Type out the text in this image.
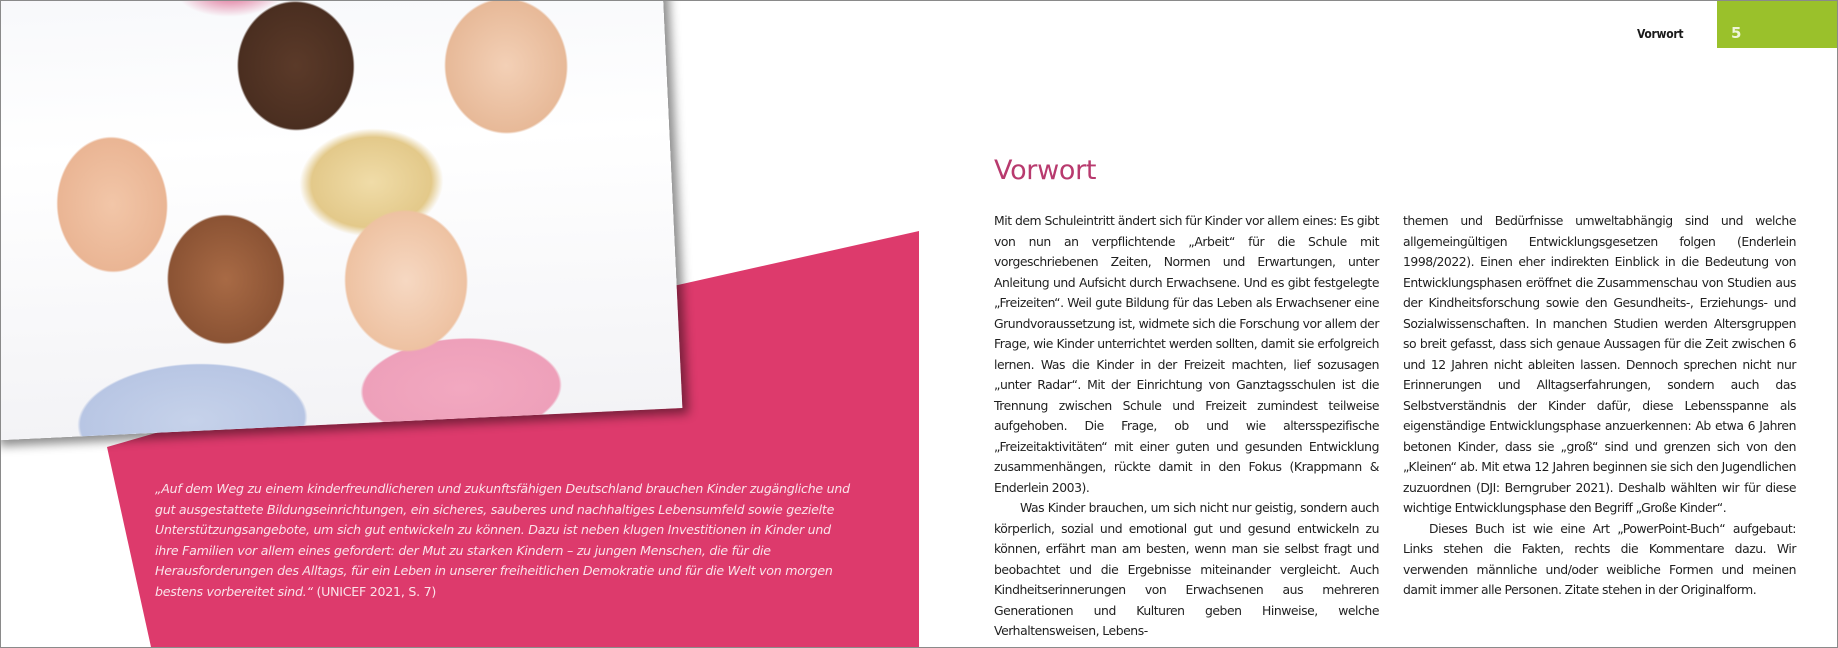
„Auf dem Weg zu einem kinderfreundlicheren und zukunftsfähigen Deutschland brauchen Kinder zugängliche und gut ausgestattete Bildungseinrichtungen, ein sicheres, sauberes und nachhaltiges Lebensumfeld sowie gezielte Unterstützungsangebote, um sich gut entwickeln zu können. Dazu ist neben klugen Investitionen in Kinder und ihre Familien vor allem eines gefordert: der Mut zu starken Kindern – zu jungen Menschen, die für die Herausforderungen des Alltags, für ein Leben in unserer freiheitlichen Demokratie und für die Welt von morgen bestens vorbereitet sind.“ (UNICEF 2021, S. 7)
Vorwort	5
Vorwort

Mit dem Schuleintritt ändert sich für Kinder vor allem eines: Es gibt von nun an verpflichtende „Arbeit“ für die Schule mit vorgeschriebenen Zeiten, Normen und Erwartungen, unter Anleitung und Aufsicht durch Erwachsene. Und es gibt festgelegte „Freizeiten“. Weil gute Bildung für das Leben als Erwachsener eine Grundvoraussetzung ist, widmete sich die Forschung vor allem der Frage, wie Kinder unterrichtet werden sollten, damit sie erfolgreich lernen. Was die Kinder in der Freizeit machten, lief sozusagen „unter Radar“. Mit der Einrichtung von Ganztagsschulen ist die Trennung zwischen Schule und Freizeit zumindest teilweise aufgehoben. Die Frage, ob und wie altersspezifische „Freizeitaktivitäten“ mit einer guten und gesunden Entwicklung zusammenhängen, rückte damit in den Fokus (Krappmann & Enderlein 2003).

Was Kinder brauchen, um sich nicht nur geistig, sondern auch körperlich, sozial und emotional gut und gesund entwickeln zu können, erfährt man am besten, wenn man sie selbst fragt und beobachtet und die Ergebnisse miteinander vergleicht. Auch Kindheitserinnerungen von Erwachsenen aus mehreren Generationen und Kulturen geben Hinweise, welche Verhaltensweisen, Lebens-

themen und Bedürfnisse umweltabhängig sind und welche allgemeingültigen Entwicklungsgesetzen folgen (Enderlein 1998/2022). Einen eher indirekten Einblick in die Bedeutung von Entwicklungsphasen eröffnet die Zusammenschau von Studien aus der Kindheitsforschung sowie den Gesundheits-, Erziehungs- und Sozialwissenschaften. In manchen Studien werden Altersgruppen so breit gefasst, dass sich genaue Aussagen für die Zeit zwischen 6 und 12 Jahren nicht ableiten lassen. Dennoch sprechen nicht nur Erinnerungen und Alltagserfahrungen, sondern auch das Selbstverständnis der Kinder dafür, diese Lebensspanne als eigenständige Entwicklungsphase anzuerkennen: Ab etwa 6 Jahren betonen Kinder, dass sie „groß“ sind und grenzen sich von den „Kleinen“ ab. Mit etwa 12 Jahren beginnen sie sich den Jugendlichen zuzuordnen (DJI: Berngruber 2021). Deshalb wählten wir für diese wichtige Entwicklungsphase den Begriff „Große Kinder“.

Dieses Buch ist wie eine Art „PowerPoint-Buch“ aufgebaut: Links stehen die Fakten, rechts die Kommentare dazu. Wir verwenden männliche und/oder weibliche Formen und meinen damit immer alle Personen. Zitate stehen in der Originalform.
